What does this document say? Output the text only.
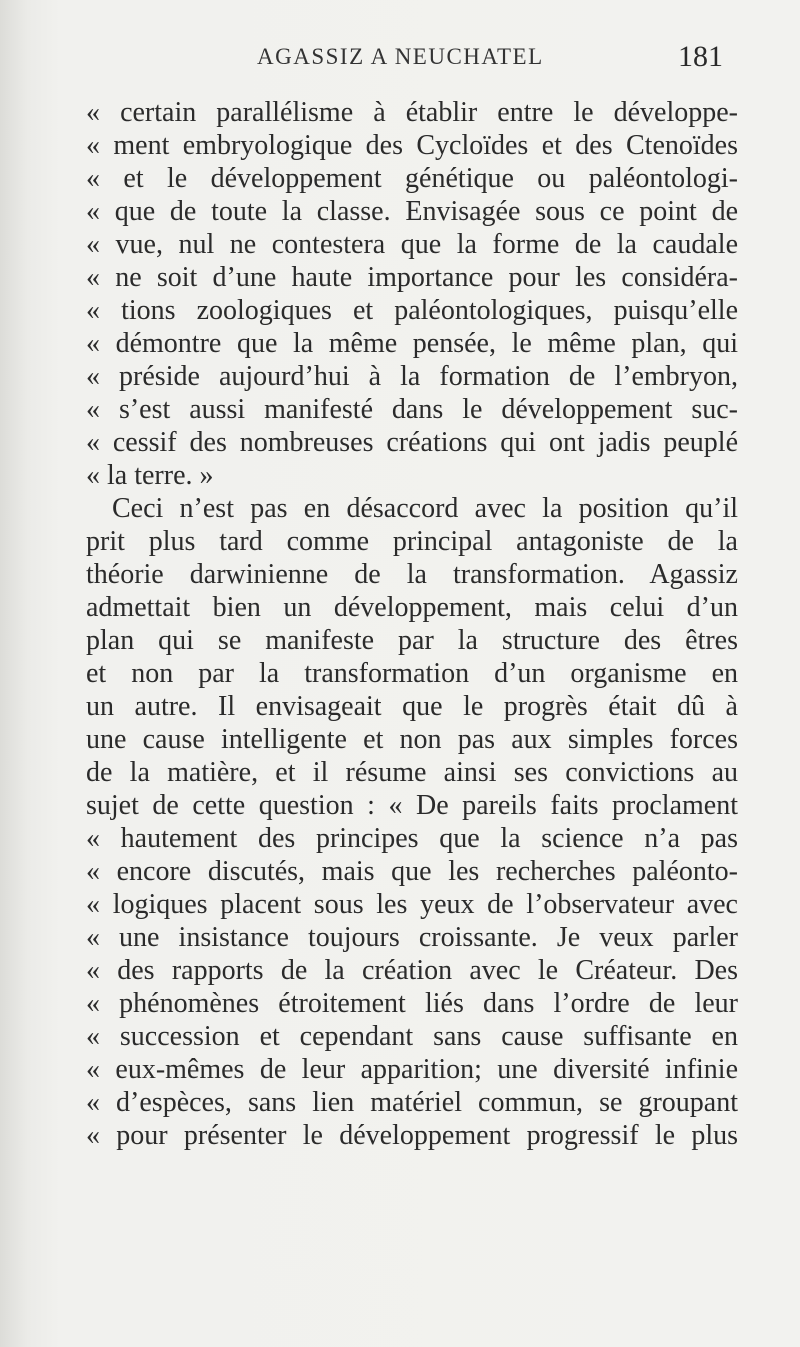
AGASSIZ A NEUCHATEL	181
« certain parallélisme à établir entre le développe-
« ment embryologique des Cycloïdes et des Ctenoïdes
« et le développement génétique ou paléontologi-
« que de toute la classe. Envisagée sous ce point de
« vue, nul ne contestera que la forme de la caudale
« ne soit d’une haute importance pour les considéra-
« tions zoologiques et paléontologiques, puisqu’elle
« démontre que la même pensée, le même plan, qui
« préside aujourd’hui à la formation de l’embryon,
« s’est aussi manifesté dans le développement suc-
« cessif des nombreuses créations qui ont jadis peuplé
« la terre. »
Ceci n’est pas en désaccord avec la position qu’il
prit plus tard comme principal antagoniste de la
théorie darwinienne de la transformation. Agassiz
admettait bien un développement, mais celui d’un
plan qui se manifeste par la structure des êtres
et non par la transformation d’un organisme en
un autre. Il envisageait que le progrès était dû à
une cause intelligente et non pas aux simples forces
de la matière, et il résume ainsi ses convictions au
sujet de cette question : « De pareils faits proclament
« hautement des principes que la science n’a pas
« encore discutés, mais que les recherches paléonto-
« logiques placent sous les yeux de l’observateur avec
« une insistance toujours croissante. Je veux parler
« des rapports de la création avec le Créateur. Des
« phénomènes étroitement liés dans l’ordre de leur
« succession et cependant sans cause suffisante en
« eux-mêmes de leur apparition; une diversité infinie
« d’espèces, sans lien matériel commun, se groupant
« pour présenter le développement progressif le plus
